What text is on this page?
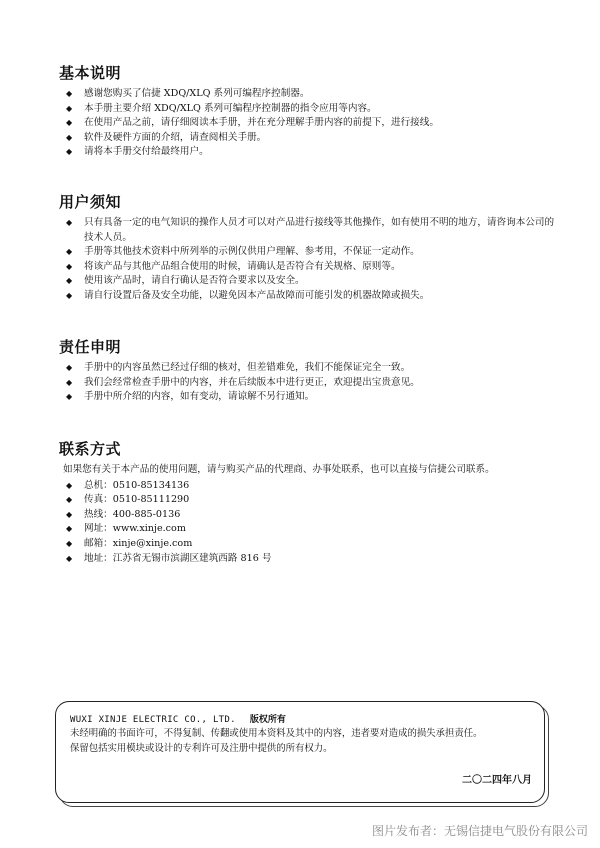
基本说明
◆ 感谢您购买了信捷 XDQ/XLQ 系列可编程序控制器。
◆ 本手册主要介绍 XDQ/XLQ 系列可编程序控制器的指令应用等内容。
◆ 在使用产品之前，请仔细阅读本手册，并在充分理解手册内容的前提下，进行接线。
◆ 软件及硬件方面的介绍，请查阅相关手册。
◆ 请将本手册交付给最终用户。
用户须知
◆ 只有具备一定的电气知识的操作人员才可以对产品进行接线等其他操作，如有使用不明的地方，请咨询本公司的技术人员。
◆ 手册等其他技术资料中所列举的示例仅供用户理解、参考用，不保证一定动作。
◆ 将该产品与其他产品组合使用的时候，请确认是否符合有关规格、原则等。
◆ 使用该产品时，请自行确认是否符合要求以及安全。
◆ 请自行设置后备及安全功能，以避免因本产品故障而可能引发的机器故障或损失。
责任申明
◆ 手册中的内容虽然已经过仔细的核对，但差错难免，我们不能保证完全一致。
◆ 我们会经常检查手册中的内容，并在后续版本中进行更正，欢迎提出宝贵意见。
◆ 手册中所介绍的内容，如有变动，请谅解不另行通知。
联系方式
如果您有关于本产品的使用问题，请与购买产品的代理商、办事处联系，也可以直接与信捷公司联系。
◆ 总机：0510-85134136
◆ 传真：0510-85111290
◆ 热线：400-885-0136
◆ 网址：www.xinje.com
◆ 邮箱：xinje@xinje.com
◆ 地址：江苏省无锡市滨湖区建筑西路 816 号
WUXI XINJE ELECTRIC CO., LTD. 版权所有
未经明确的书面许可，不得复制、传翻或使用本资料及其中的内容，违者要对造成的损失承担责任。
保留包括实用模块或设计的专利许可及注册中提供的所有权力。
二〇二四年八月
图片发布者：无锡信捷电气股份有限公司
